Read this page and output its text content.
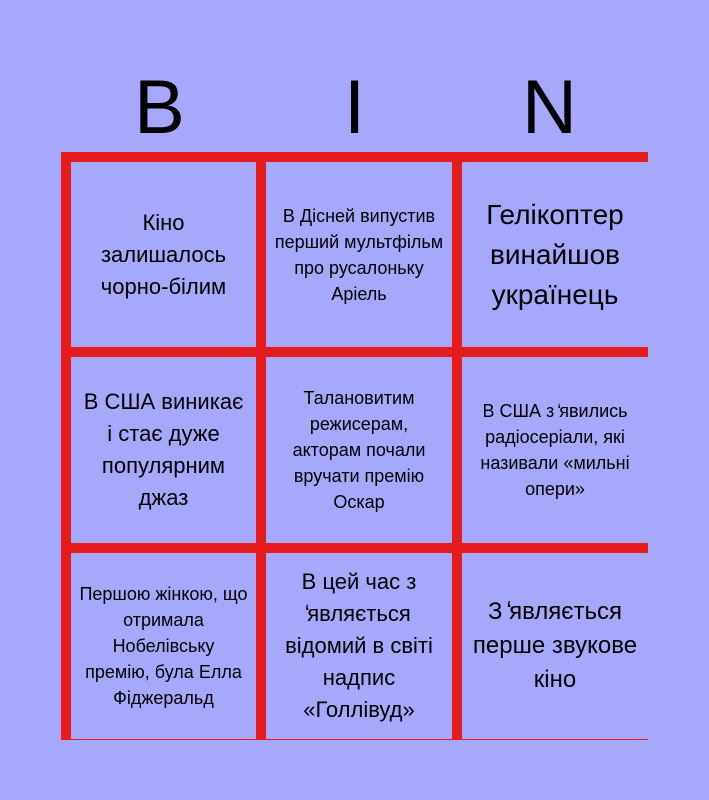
B	I	N
Кіно залишалось чорно-білим
В Дісней випустив перший мультфільм про русалоньку Аріель
Гелікоптер винайшов українець
В США виникає і стає дуже популярним джаз
Талановитим режисерам, акторам почали вручати премію Оскар
В США з ̒явились радіосеріали, які називали «мильні опери»
Першою жінкою, що отримала Нобелівську премію, була Елла Фіджеральд
В цей час з ̒являється відомий в світі надпис «Голлівуд»
З ̒являється перше звукове кіно
